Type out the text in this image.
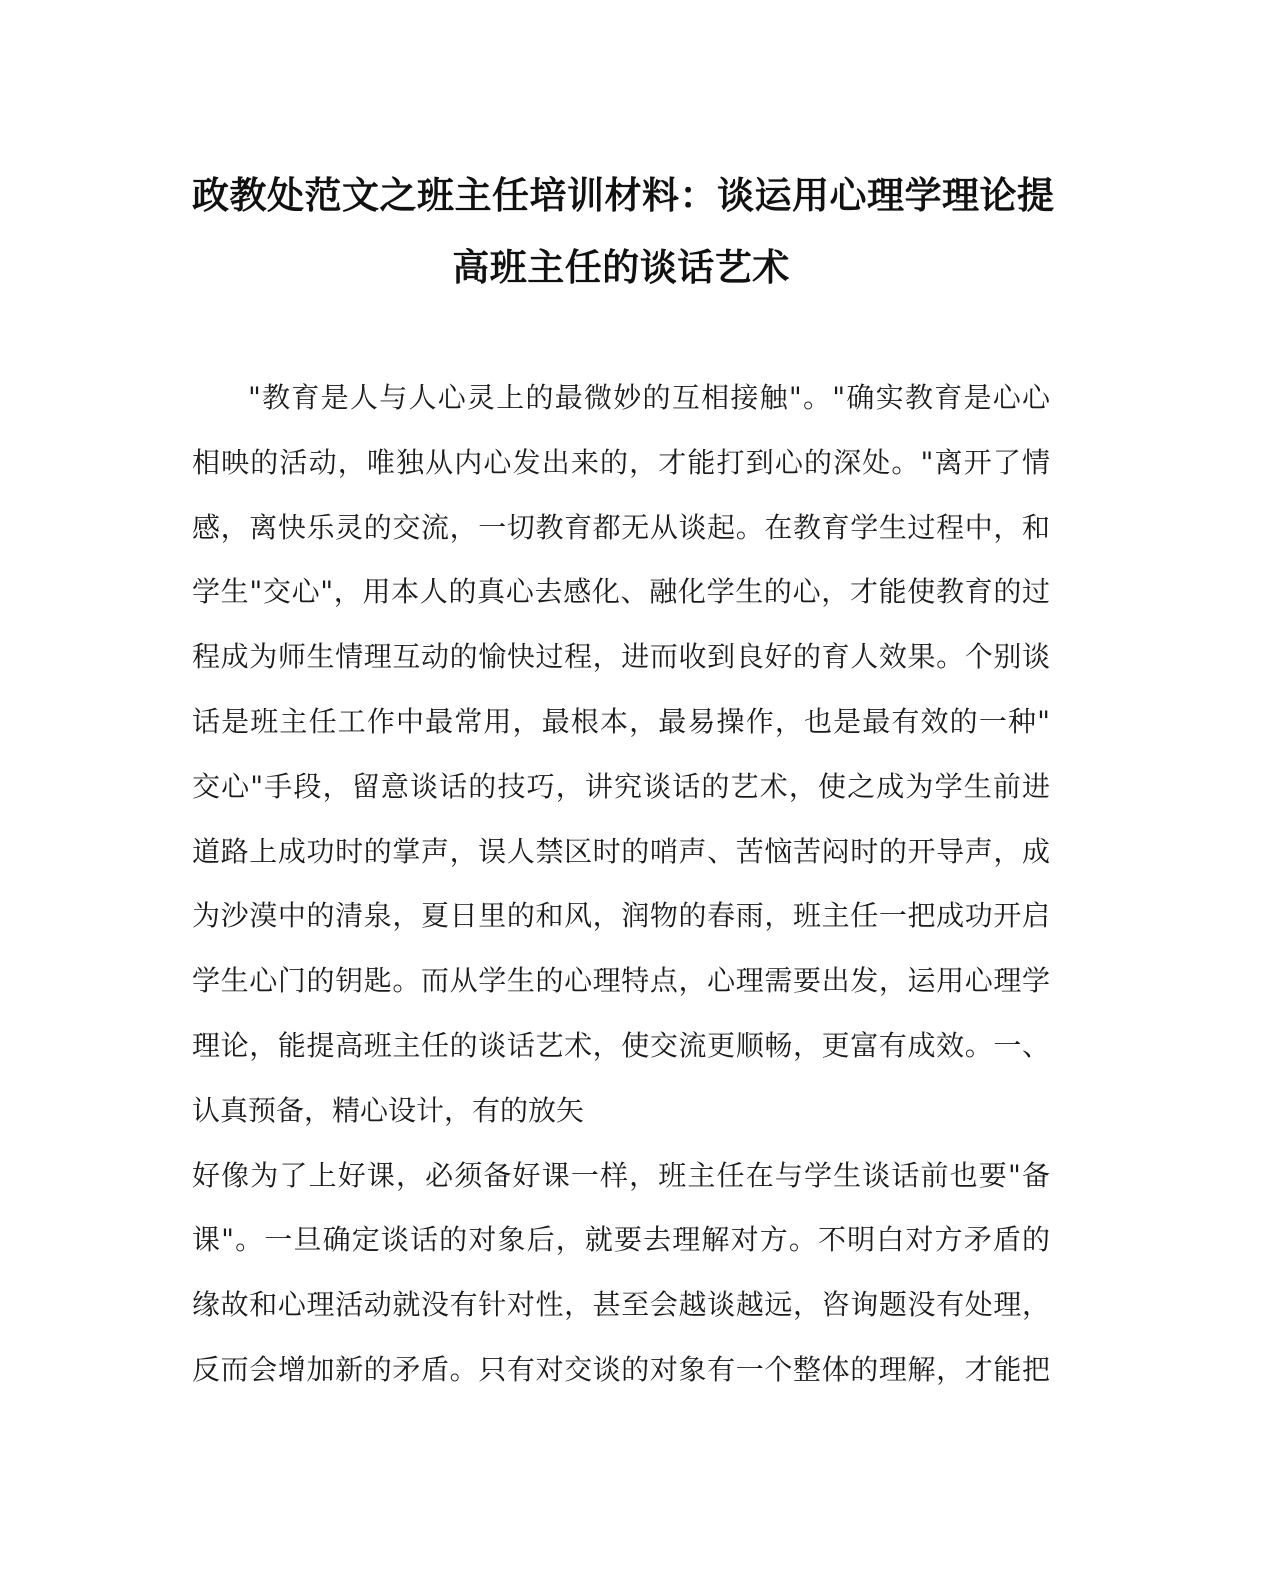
政教处范文之班主任培训材料：谈运用心理学理论提
高班主任的谈话艺术
"教育是人与人心灵上的最微妙的互相接触"。"确实教育是心心
相映的活动，唯独从内心发出来的，才能打到心的深处。"离开了情
感，离快乐灵的交流，一切教育都无从谈起。在教育学生过程中，和
学生"交心"，用本人的真心去感化、融化学生的心，才能使教育的过
程成为师生情理互动的愉快过程，进而收到良好的育人效果。个别谈
话是班主任工作中最常用，最根本，最易操作，也是最有效的一种"
交心"手段，留意谈话的技巧，讲究谈话的艺术，使之成为学生前进
道路上成功时的掌声，误人禁区时的哨声、苦恼苦闷时的开导声，成
为沙漠中的清泉，夏日里的和风，润物的春雨，班主任一把成功开启
学生心门的钥匙。而从学生的心理特点，心理需要出发，运用心理学
理论，能提高班主任的谈话艺术，使交流更顺畅，更富有成效。一、
认真预备，精心设计，有的放矢
好像为了上好课，必须备好课一样，班主任在与学生谈话前也要"备
课"。一旦确定谈话的对象后，就要去理解对方。不明白对方矛盾的
缘故和心理活动就没有针对性，甚至会越谈越远，咨询题没有处理，
反而会增加新的矛盾。只有对交谈的对象有一个整体的理解，才能把
